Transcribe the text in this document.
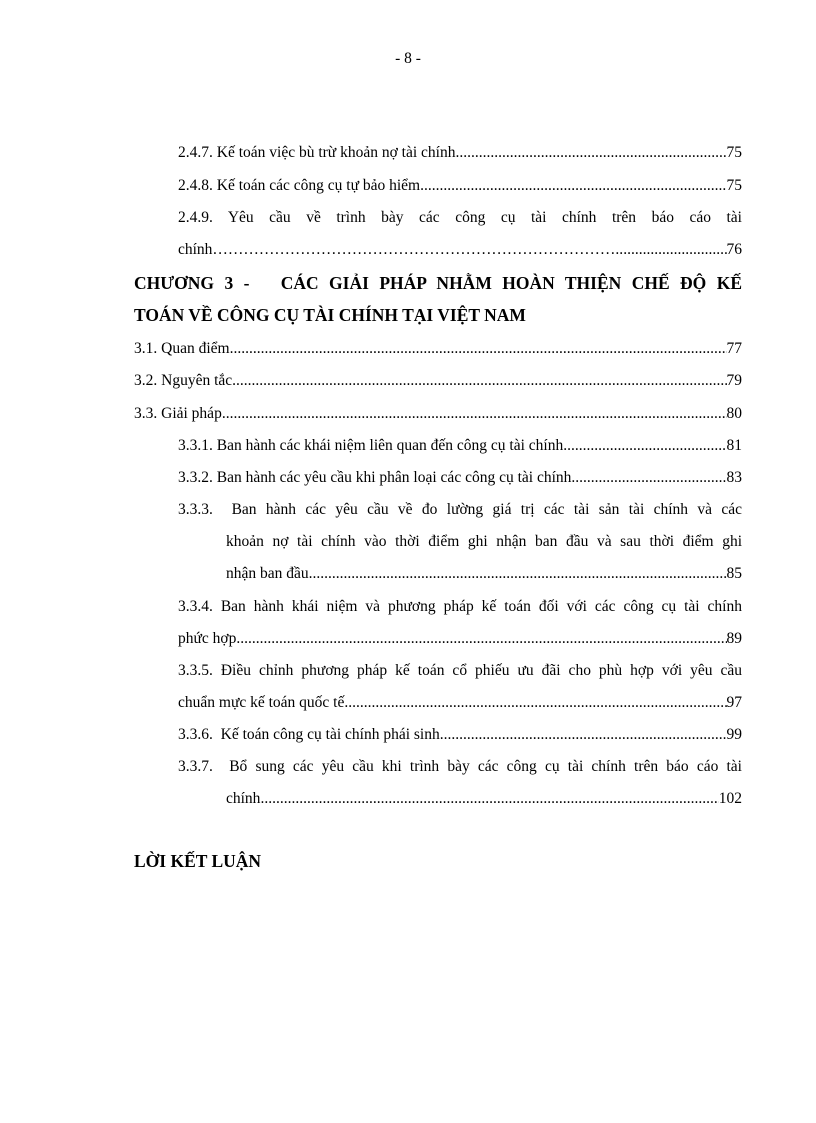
- 8 -
2.4.7. Kế toán việc bù trừ khoản nợ tài chính .....	75
2.4.8. Kế toán các công cụ tự bảo hiểm .....	75
2.4.9.  Yêu  cầu  về  trình  bày  các  công  cụ  tài  chính  trên  báo  cáo  tài
chính…………………………………………………………………….. .....	76
CHƯƠNG 3 -   CÁC GIẢI PHÁP NHẰM HOÀN THIỆN CHẾ ĐỘ KẾ
TOÁN VỀ CÔNG CỤ TÀI CHÍNH TẠI VIỆT NAM
3.1. Quan điểm .....	77
3.2. Nguyên tắc .....	79
3.3. Giải pháp .....	80
3.3.1. Ban hành các khái niệm liên quan đến công cụ tài chính .....	81
3.3.2. Ban hành các yêu cầu khi phân loại các công cụ tài chính .....	83
3.3.3.  Ban hành các yêu cầu về đo lường giá trị các tài sản tài chính và các
khoản nợ tài chính vào thời điểm ghi nhận ban đầu và sau thời điểm ghi
nhận ban đầu .....	85
3.3.4. Ban hành khái niệm và phương pháp kế toán đối với các công cụ tài chính
phức hợp .....	89
3.3.5. Điều chỉnh phương pháp kế toán cổ phiếu ưu đãi cho phù hợp với yêu cầu
chuẩn mực kế toán quốc tế .....	97
3.3.6.  Kế toán công cụ tài chính phái sinh .....	99
3.3.7.  Bổ sung các yêu cầu khi trình bày các công cụ tài chính trên báo cáo tài
chính .....	102
LỜI KẾT LUẬN
